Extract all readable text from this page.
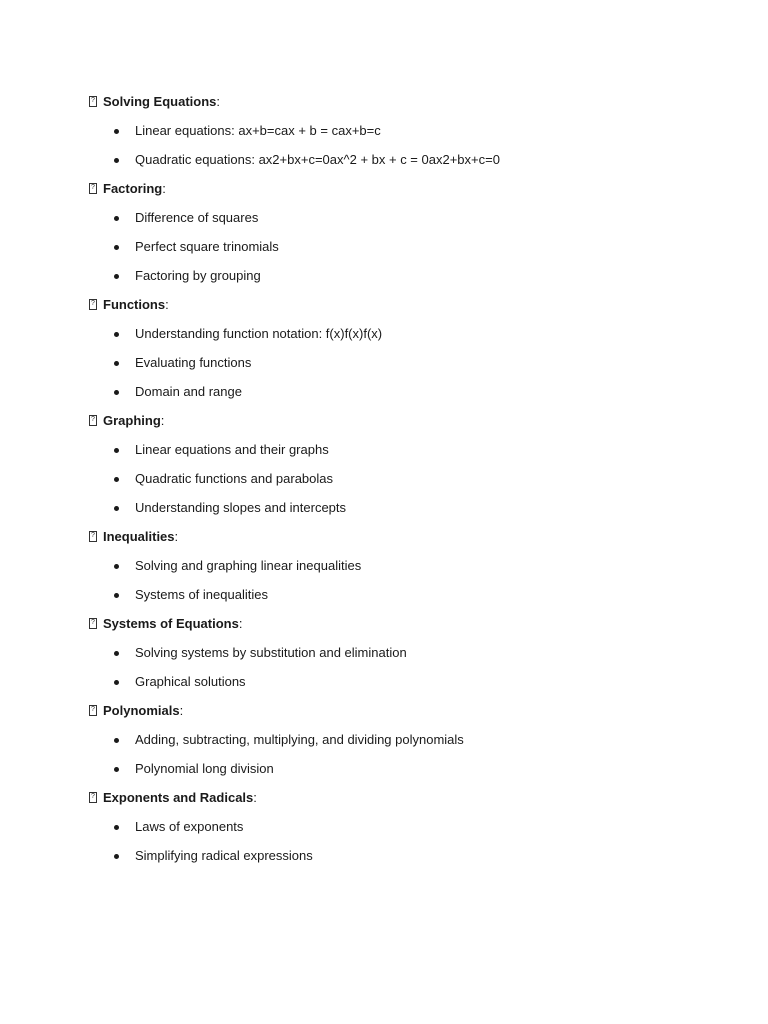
?
Solving Equations :
Linear equations: ax+b=cax + b = cax+b=c
Quadratic equations: ax2+bx+c=0ax^2 + bx + c = 0ax2+bx+c=0
?
Factoring :
Difference of squares
Perfect square trinomials
Factoring by grouping
?
Functions :
Understanding function notation: f(x)f(x)f(x)
Evaluating functions
Domain and range
?
Graphing :
Linear equations and their graphs
Quadratic functions and parabolas
Understanding slopes and intercepts
?
Inequalities :
Solving and graphing linear inequalities
Systems of inequalities
?
Systems of Equations :
Solving systems by substitution and elimination
Graphical solutions
?
Polynomials :
Adding, subtracting, multiplying, and dividing polynomials
Polynomial long division
?
Exponents and Radicals :
Laws of exponents
Simplifying radical expressions
